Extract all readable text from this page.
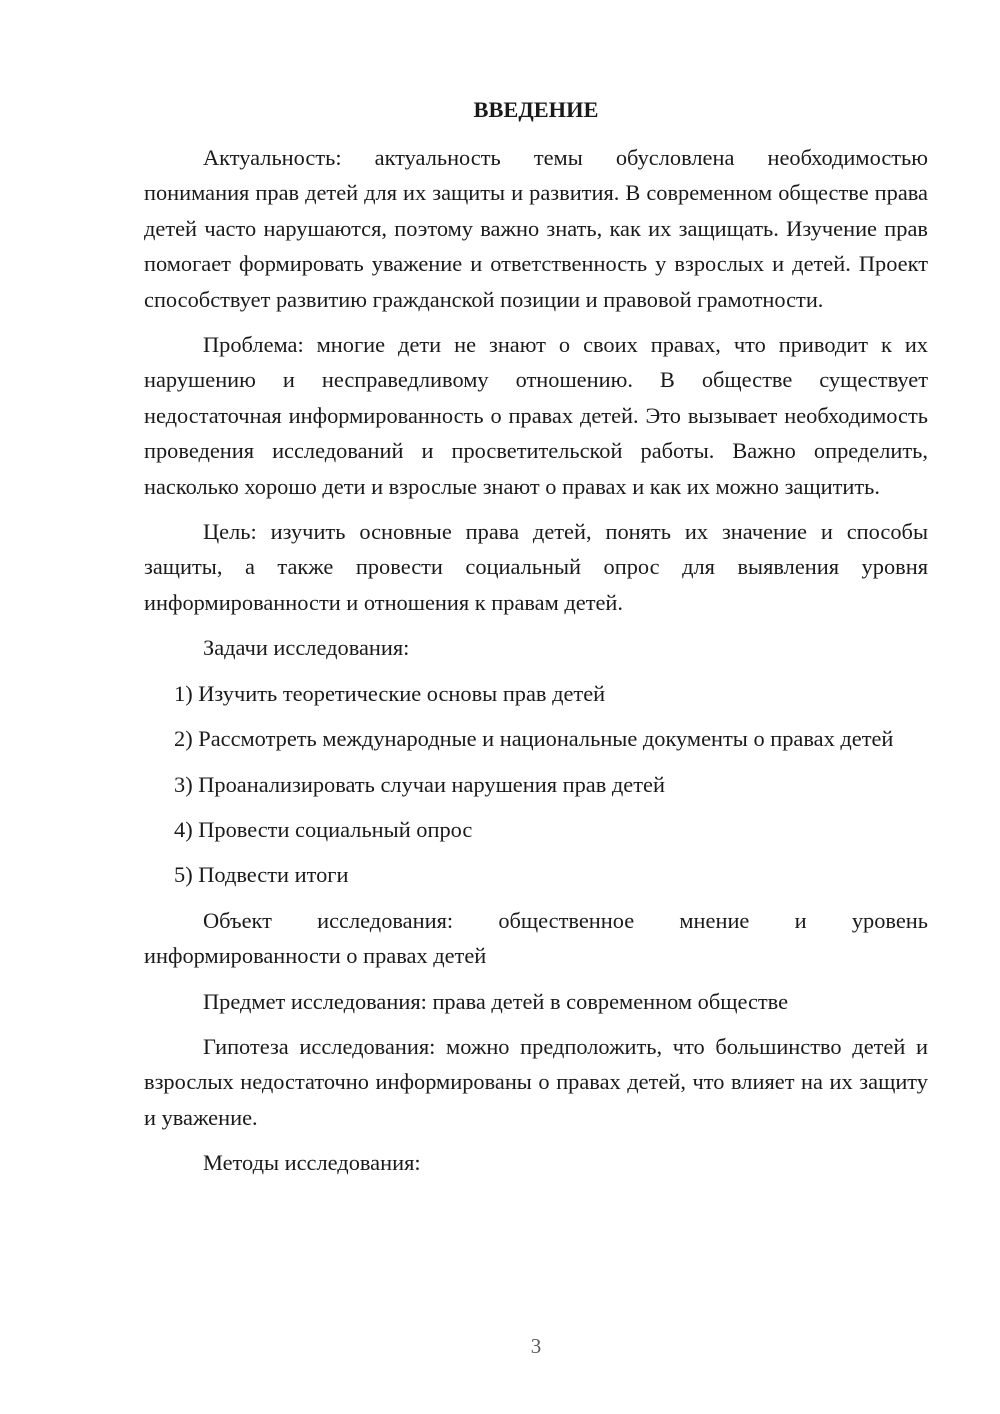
ВВЕДЕНИЕ

Актуальность: актуальность темы обусловлена необходимостью понимания прав детей для их защиты и развития. В современном обществе права детей часто нарушаются, поэтому важно знать, как их защищать. Изучение прав помогает формировать уважение и ответственность у взрослых и детей. Проект способствует развитию гражданской позиции и правовой грамотности.

Проблема: многие дети не знают о своих правах, что приводит к их нарушению и несправедливому отношению. В обществе существует недостаточная информированность о правах детей. Это вызывает необходимость проведения исследований и просветительской работы. Важно определить, насколько хорошо дети и взрослые знают о правах и как их можно защитить.

Цель: изучить основные права детей, понять их значение и способы защиты, а также провести социальный опрос для выявления уровня информированности и отношения к правам детей.

Задачи исследования:

1) Изучить теоретические основы прав детей

2) Рассмотреть международные и национальные документы о правах детей

3) Проанализировать случаи нарушения прав детей

4) Провести социальный опрос

5) Подвести итоги

Объект исследования: общественное мнение и уровень информированности о правах детей

Предмет исследования: права детей в современном обществе

Гипотеза исследования: можно предположить, что большинство детей и взрослых недостаточно информированы о правах детей, что влияет на их защиту и уважение.

Методы исследования:

3
